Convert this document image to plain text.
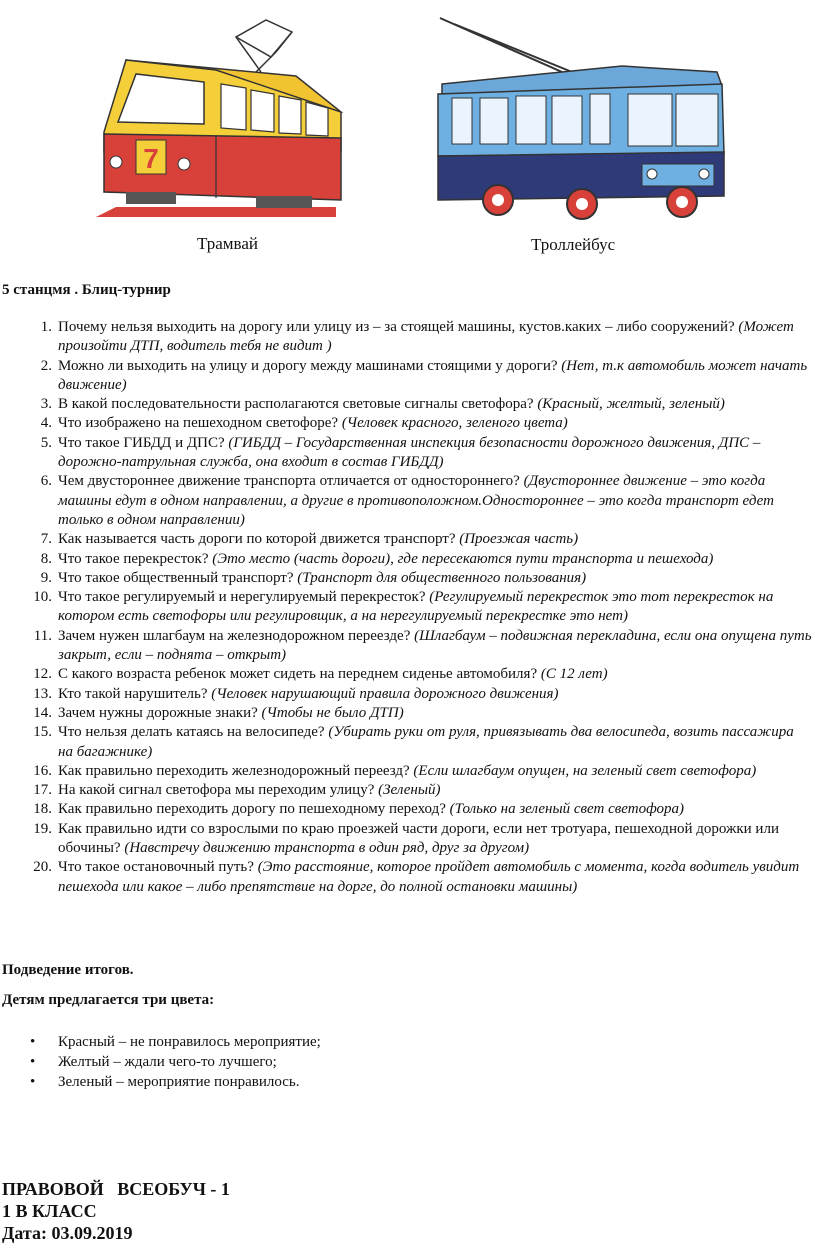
7
Трамвай	Троллейбус
5 станцмя . Блиц-турнир
1. Почему нельзя выходить на дорогу или улицу из – за стоящей машины, кустов.каких – либо сооружений? (Может произойти ДТП, водитель тебя не видит )
2. Можно ли выходить на улицу и дорогу между машинами стоящими у дороги? (Нет, т.к автомобиль может начать движение)
3. В какой последовательности располагаются световые сигналы светофора? (Красный, желтый, зеленый)
4. Что изображено на пешеходном светофоре? (Человек красного, зеленого цвета)
5. Что такое ГИБДД и ДПС? (ГИБДД – Государственная инспекция безопасности дорожного движения, ДПС – дорожно-патрульная служба, она входит в состав ГИБДД)
6. Чем двустороннее движение транспорта отличается от одностороннего? (Двустороннее движение – это когда машины едут в одном направлении, а другие в противоположном.Одностороннее – это когда транспорт едет только в одном направлении)
7. Как называется часть дороги по которой движется транспорт? (Проезжая часть)
8. Что такое перекресток? (Это место (часть дороги), где пересекаются пути транспорта и пешехода)
9. Что такое общественный транспорт? (Транспорт для общественного пользования)
10. Что такое регулируемый и нерегулируемый перекресток? (Регулируемый перекресток это тот перекресток на котором есть светофоры или регулировщик, а на нерегулируемый перекрестке это нет)
11. Зачем нужен шлагбаум на железнодорожном переезде? (Шлагбаум – подвижная перекладина, если она опущена путь закрыт, если – поднята – открыт)
12. С какого возраста ребенок может сидеть на переднем сиденье автомобиля? (С 12 лет)
13. Кто такой нарушитель? (Человек нарушающий правила дорожного движения)
14. Зачем нужны дорожные знаки? (Чтобы не было ДТП)
15. Что нельзя делать катаясь на велосипеде? (Убирать руки от руля, привязывать два велосипеда, возить пассажира на багажнике)
16. Как правильно переходить железнодорожный переезд? (Если шлагбаум опущен, на зеленый свет светофора)
17. На какой сигнал светофора мы переходим улицу? (Зеленый)
18. Как правильно переходить дорогу по пешеходному переход? (Только на зеленый свет светофора)
19. Как правильно идти со взрослыми по краю проезжей части дороги, если нет тротуара, пешеходной дорожки или обочины? (Навстречу движению транспорта в один ряд, друг за другом)
20. Что такое остановочный путь? (Это расстояние, которое пройдет автомобиль с момента, когда водитель увидит пешехода или какое – либо препятствие на дорге, до полной остановки машины)
Подведение итогов.
Детям предлагается три цвета:
• Красный – не понравилось мероприятие;
• Желтый – ждали чего-то лучшего;
• Зеленый – мероприятие понравилось.
ПРАВОВОЙ   ВСЕОБУЧ - 1
1 В КЛАСС
Дата: 03.09.2019
